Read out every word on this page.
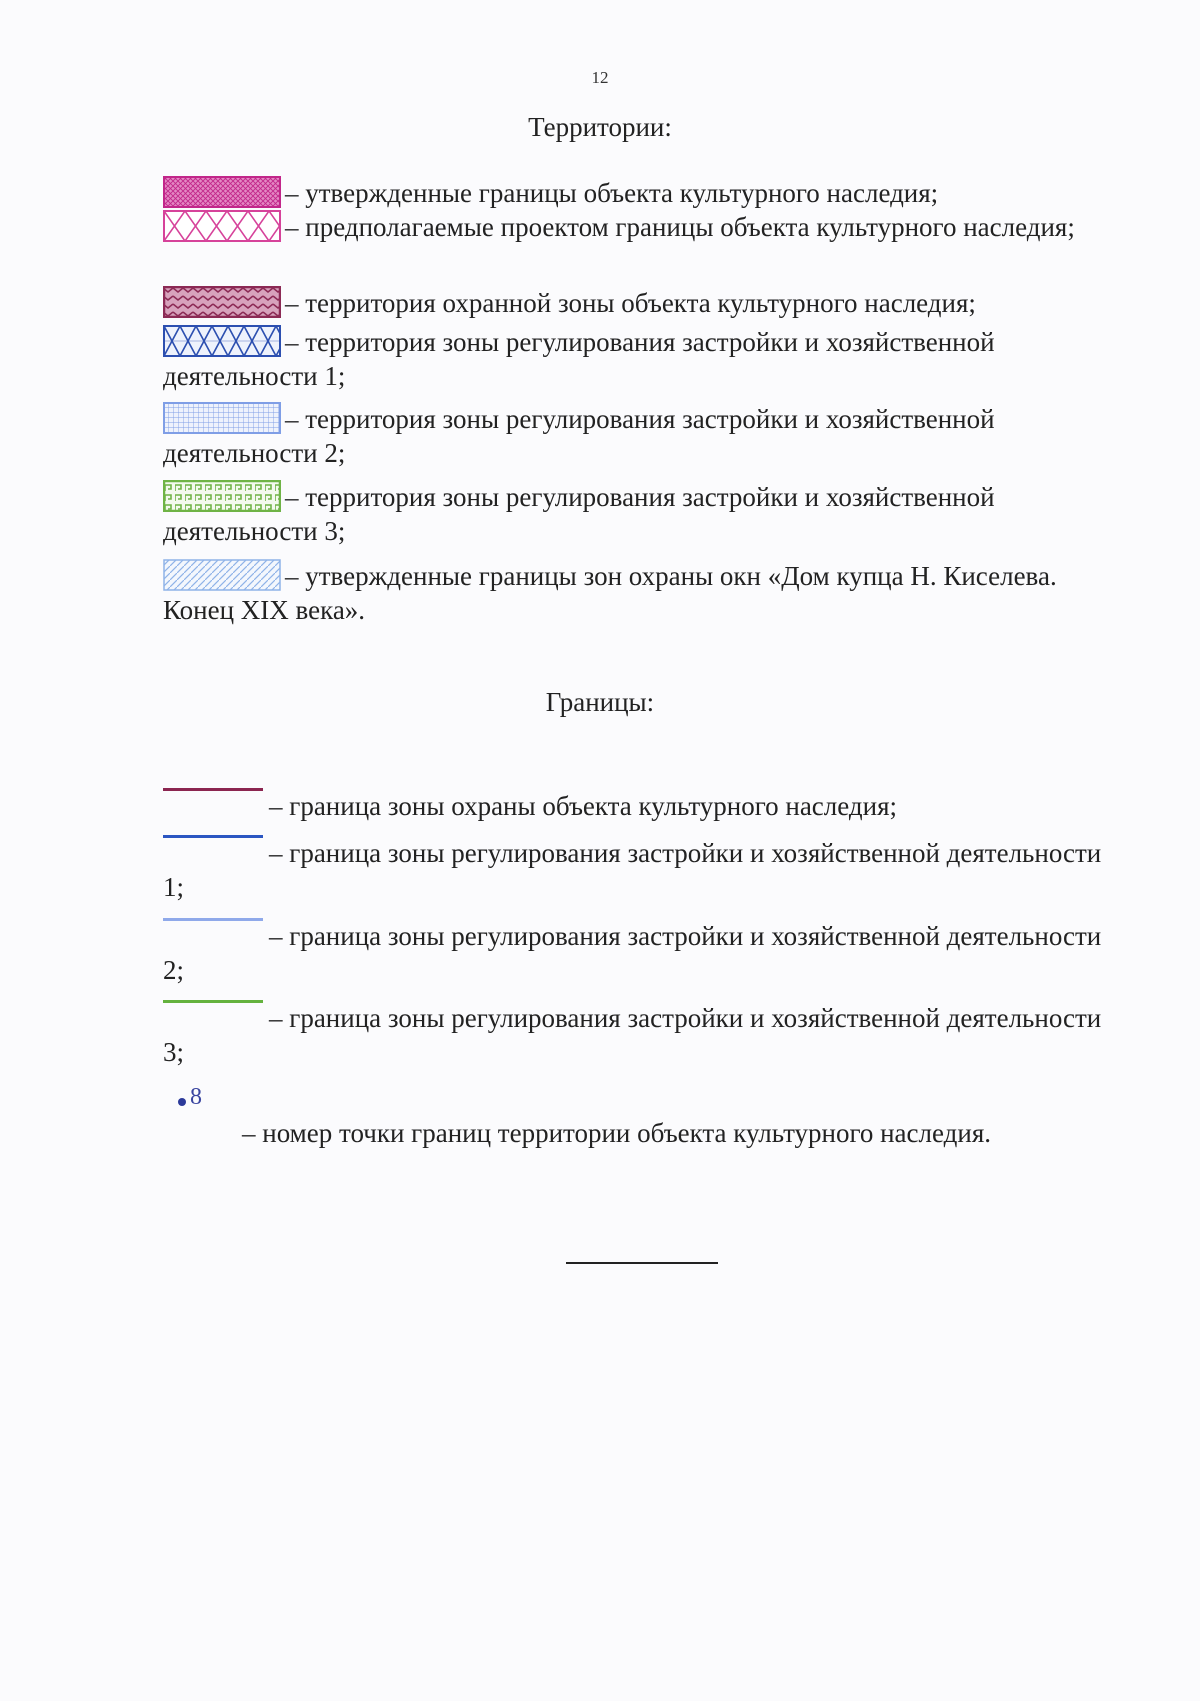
12
Территории:
– утвержденные границы объекта культурного наследия;
– предполагаемые проектом границы объекта культурного наследия;
– территория охранной зоны объекта культурного наследия;
– территория зоны регулирования застройки и хозяйственной деятельности 1;
– территория зоны регулирования застройки и хозяйственной деятельности 2;
– территория зоны регулирования застройки и хозяйственной деятельности 3;
– утвержденные границы зон охраны окн «Дом купца Н. Киселева. Конец XIX века».
Границы:
– граница зоны охраны объекта культурного наследия;
– граница зоны регулирования застройки и хозяйственной деятельности 1;
– граница зоны регулирования застройки и хозяйственной деятельности 2;
– граница зоны регулирования застройки и хозяйственной деятельности 3;
8
– номер точки границ территории объекта культурного наследия.
